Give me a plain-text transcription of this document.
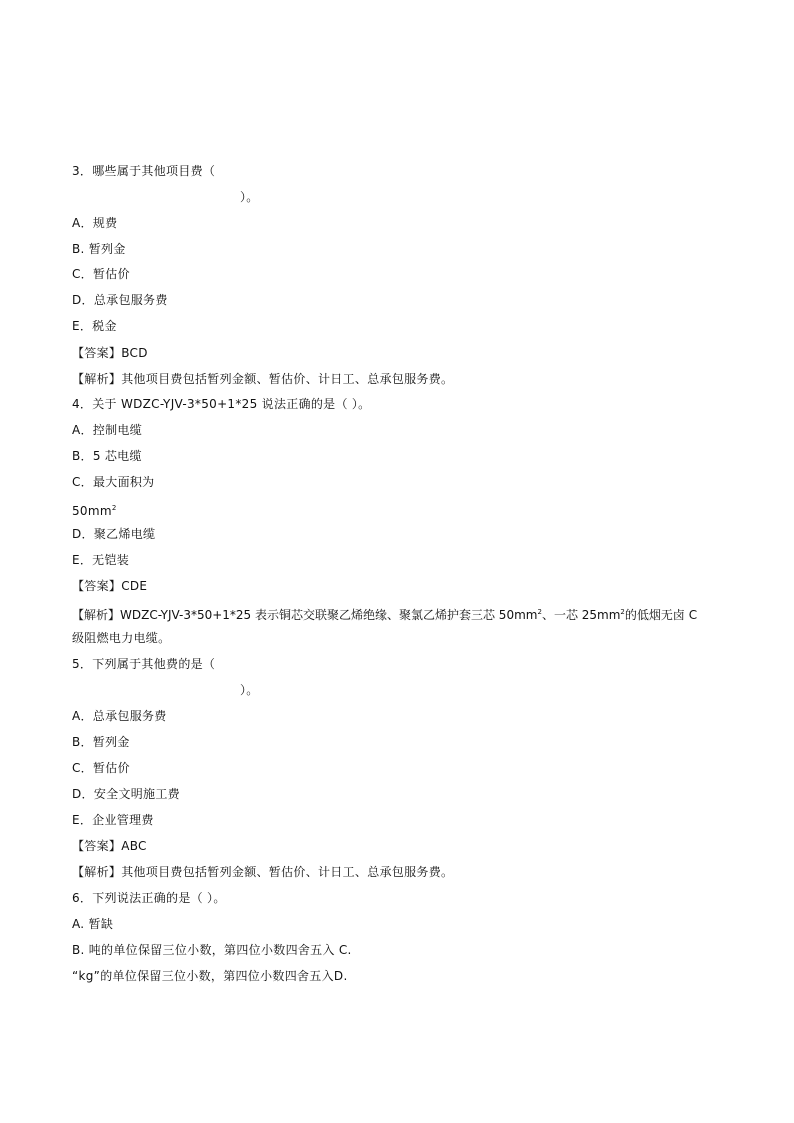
3．哪些属于其他项目费（
）。
A．规费
B. 暂列金
C．暂估价
D．总承包服务费
E．税金
【答案】BCD
【解析】其他项目费包括暂列金额、暂估价、计日工、总承包服务费。
4．关于 WDZC-YJV-3*50+1*25 说法正确的是（ ）。
A．控制电缆
B．5 芯电缆
C．最大面积为
$50mm^2$
D．聚乙烯电缆
E．无铠装
【答案】CDE
【解析】WDZC-YJV-3*50+1*25 表示铜芯交联聚乙烯绝缘、聚氯乙烯护套三芯 $50mm^2$、一芯 $25mm^2$的低烟无卤 C
级阻燃电力电缆。
5．下列属于其他费的是（
）。
A．总承包服务费
B．暂列金
C．暂估价
D．安全文明施工费
E．企业管理费
【答案】ABC
【解析】其他项目费包括暂列金额、暂估价、计日工、总承包服务费。
6．下列说法正确的是（ ）。
A. 暂缺
B. 吨的单位保留三位小数，第四位小数四舍五入 C.
“kg”的单位保留三位小数，第四位小数四舍五入D.
